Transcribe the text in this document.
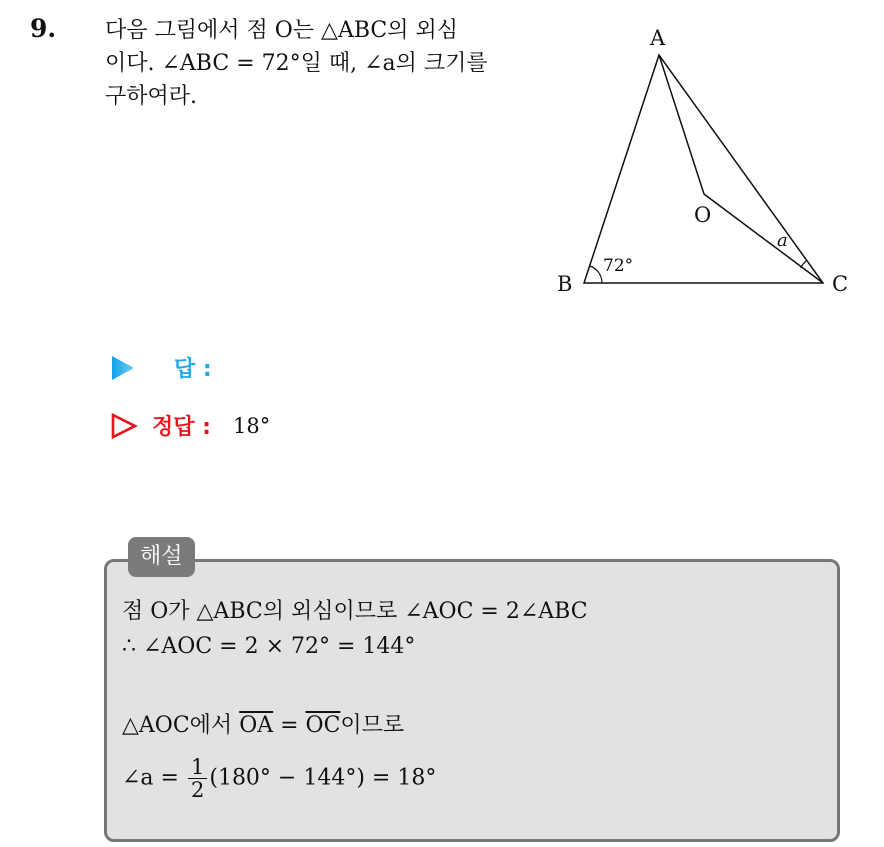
9. 다음 그림에서 점 O는 △ABC의 외심
이다. ∠ABC = 72°일 때, ∠a의 크기를
구하여라.
A
B	C
O
72°
a
답 :
정답 : 18°
해설
점 O가 △ABC의 외심이므로 ∠AOC = 2∠ABC
∴ ∠AOC = 2 × 72° = 144°
△AOC에서 $\overline{OA} = \overline{OC}$이므로
∠a = $\frac{1}{2} (180^\circ - 144^\circ) = 18^\circ$
